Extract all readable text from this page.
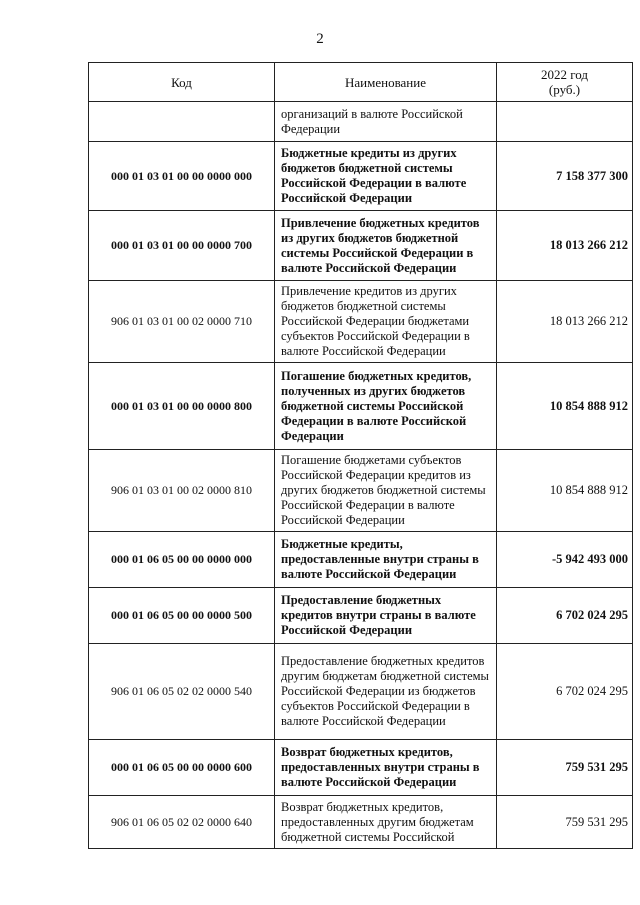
2
Код	Наименование	2022 год
(руб.)
	организаций в валюте Российской Федерации	
000 01 03 01 00 00 0000 000	Бюджетные кредиты из других бюджетов бюджетной системы Российской Федерации в валюте Российской Федерации	7 158 377 300
000 01 03 01 00 00 0000 700	Привлечение бюджетных кредитов из других бюджетов бюджетной системы Российской Федерации в валюте Российской Федерации	18 013 266 212
906 01 03 01 00 02 0000 710	Привлечение кредитов из других бюджетов бюджетной системы Российской Федерации бюджетами субъектов Российской Федерации в валюте Российской Федерации	18 013 266 212
000 01 03 01 00 00 0000 800	Погашение бюджетных кредитов, полученных из других бюджетов бюджетной системы Российской Федерации в валюте Российской Федерации	10 854 888 912
906 01 03 01 00 02 0000 810	Погашение бюджетами субъектов Российской Федерации кредитов из других бюджетов бюджетной системы Российской Федерации в валюте Российской Федерации	10 854 888 912
000 01 06 05 00 00 0000 000	Бюджетные кредиты, предоставленные внутри страны в валюте Российской Федерации	-5 942 493 000
000 01 06 05 00 00 0000 500	Предоставление бюджетных кредитов внутри страны в валюте Российской Федерации	6 702 024 295
906 01 06 05 02 02 0000 540	Предоставление бюджетных кредитов другим бюджетам бюджетной системы Российской Федерации из бюджетов субъектов Российской Федерации в валюте Российской Федерации	6 702 024 295
000 01 06 05 00 00 0000 600	Возврат бюджетных кредитов, предоставленных внутри страны в валюте Российской Федерации	759 531 295
906 01 06 05 02 02 0000 640	Возврат бюджетных кредитов, предоставленных другим бюджетам бюджетной системы Российской	759 531 295
